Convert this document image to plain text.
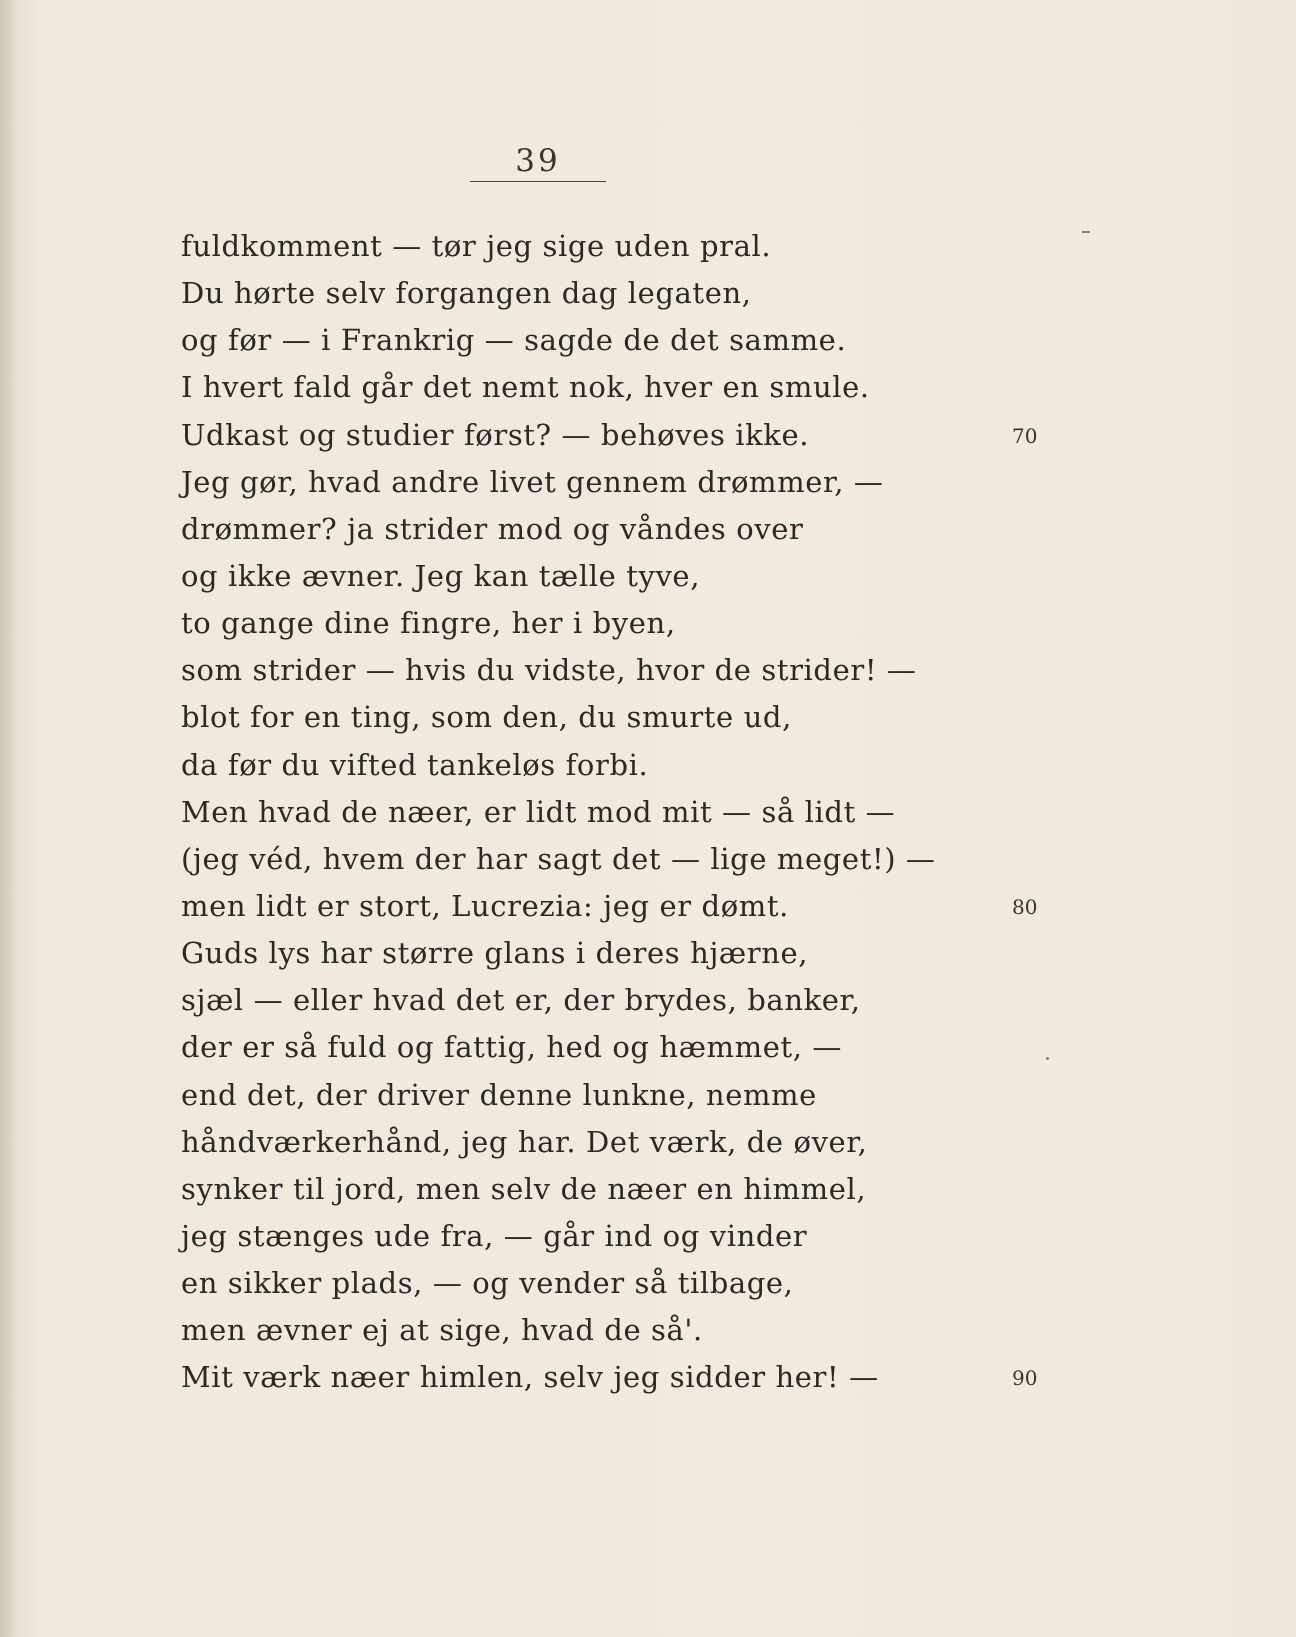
39
fuldkomment — tør jeg sige uden pral.
Du hørte selv forgangen dag legaten,
og før — i Frankrig — sagde de det samme.
I hvert fald går det nemt nok, hver en smule.
Udkast og studier først? — behøves ikke.
Jeg gør, hvad andre livet gennem drømmer, —
drømmer? ja strider mod og våndes over
og ikke ævner. Jeg kan tælle tyve,
to gange dine fingre, her i byen,
som strider — hvis du vidste, hvor de strider! —
blot for en ting, som den, du smurte ud,
da før du vifted tankeløs forbi.
Men hvad de næer, er lidt mod mit — så lidt —
(jeg véd, hvem der har sagt det — lige meget!) —
men lidt er stort, Lucrezia: jeg er dømt.
Guds lys har større glans i deres hjærne,
sjæl — eller hvad det er, der brydes, banker,
der er så fuld og fattig, hed og hæmmet, —
end det, der driver denne lunkne, nemme
håndværkerhånd, jeg har. Det værk, de øver,
synker til jord, men selv de næer en himmel,
jeg stænges ude fra, — går ind og vinder
en sikker plads, — og vender så tilbage,
men ævner ej at sige, hvad de så'.
Mit værk næer himlen, selv jeg sidder her! —
70
80
90
